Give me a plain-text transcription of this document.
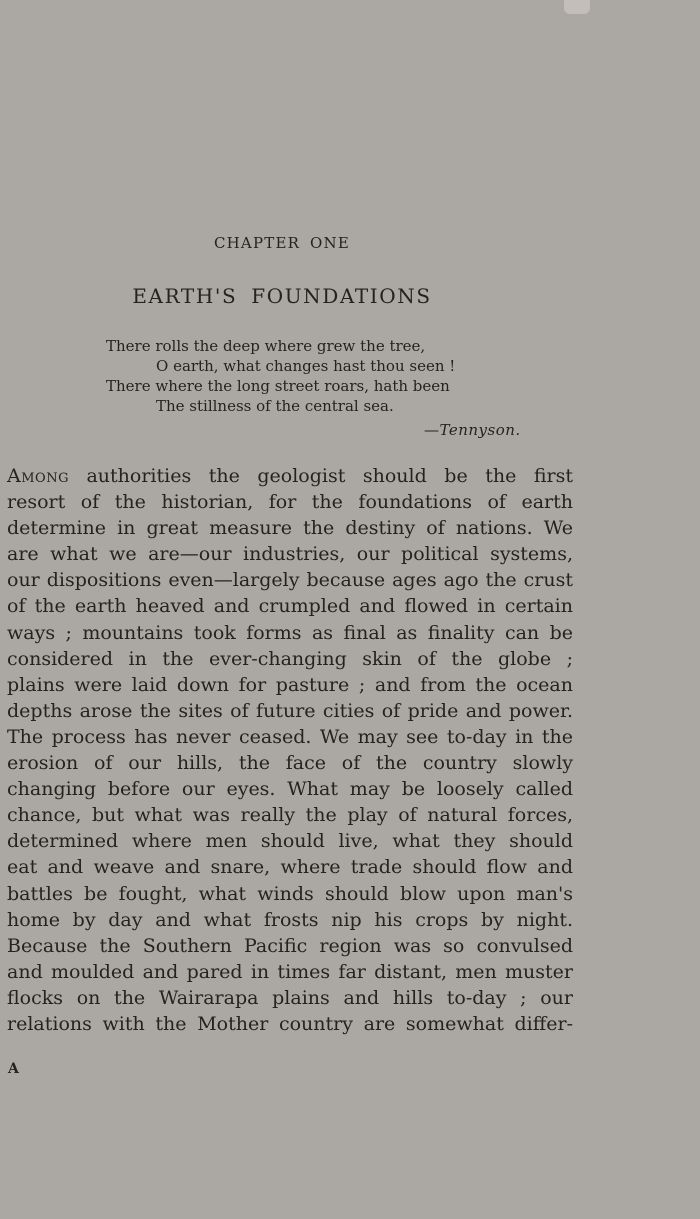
CHAPTER ONE
EARTH'S FOUNDATIONS
There rolls the deep where grew the tree,
O earth, what changes hast thou seen !
There where the long street roars, hath been
The stillness of the central sea.
—Tennyson.
Among authorities the geologist should be the first
resort of the historian, for the foundations of earth
determine in great measure the destiny of nations. We
are what we are—our industries, our political systems,
our dispositions even—largely because ages ago the crust
of the earth heaved and crumpled and flowed in certain
ways ; mountains took forms as final as finality can be
considered in the ever-changing skin of the globe ;
plains were laid down for pasture ; and from the ocean
depths arose the sites of future cities of pride and power.
The process has never ceased. We may see to-day in the
erosion of our hills, the face of the country slowly
changing before our eyes. What may be loosely called
chance, but what was really the play of natural forces,
determined where men should live, what they should
eat and weave and snare, where trade should flow and
battles be fought, what winds should blow upon man's
home by day and what frosts nip his crops by night.
Because the Southern Pacific region was so convulsed
and moulded and pared in times far distant, men muster
flocks on the Wairarapa plains and hills to-day ; our
relations with the Mother country are somewhat differ-
A
